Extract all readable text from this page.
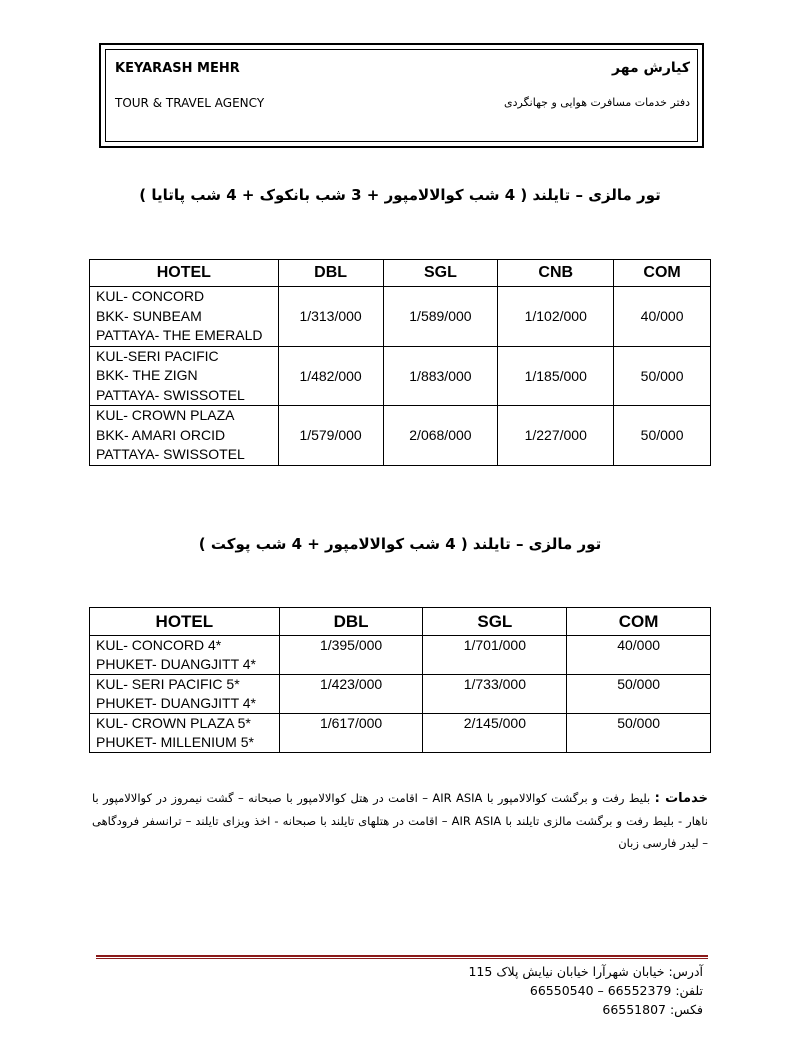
KEYARASH MEHR
TOUR & TRAVEL AGENCY
کیارش مهر
دفتر خدمات مسافرت هوایی و جهانگردی
تور مالزی – تایلند ( 4 شب کوالالامپور + 3 شب بانکوک + 4 شب پاتایا )
HOTEL	DBL	SGL	CNB	COM

KUL- CONCORD
BKK- SUNBEAM
PATTAYA- THE EMERALD	1/313/000	1/589/000	1/102/000	40/000

KUL-SERI PACIFIC
BKK- THE ZIGN
PATTAYA- SWISSOTEL	1/482/000	1/883/000	1/185/000	50/000

KUL- CROWN PLAZA
BKK- AMARI ORCID
PATTAYA- SWISSOTEL	1/579/000	2/068/000	1/227/000	50/000
تور مالزی – تایلند ( 4 شب کوالالامپور + 4 شب پوکت )
HOTEL	DBL	SGL	COM

KUL- CONCORD 4*
PHUKET- DUANGJITT 4*	1/395/000	1/701/000	40/000

KUL- SERI PACIFIC 5*
PHUKET- DUANGJITT 4*	1/423/000	1/733/000	50/000

KUL- CROWN PLAZA 5*
PHUKET- MILLENIUM 5*	1/617/000	2/145/000	50/000
خدمات : بلیط رفت و برگشت کوالالامپور با AIR ASIA – اقامت در هتل کوالالامپور با صبحانه – گشت نیمروز در کوالالامپور با ناهار - بلیط رفت و برگشت مالزی تایلند با AIR ASIA – اقامت در هتلهای تایلند با صبحانه - اخذ ویزای تایلند – ترانسفر فرودگاهی – لیدر فارسی زبان
آدرس: خیابان شهرآرا خیابان نیایش پلاک 115
تلفن: 66552379 – 66550540
فکس: 66551807
